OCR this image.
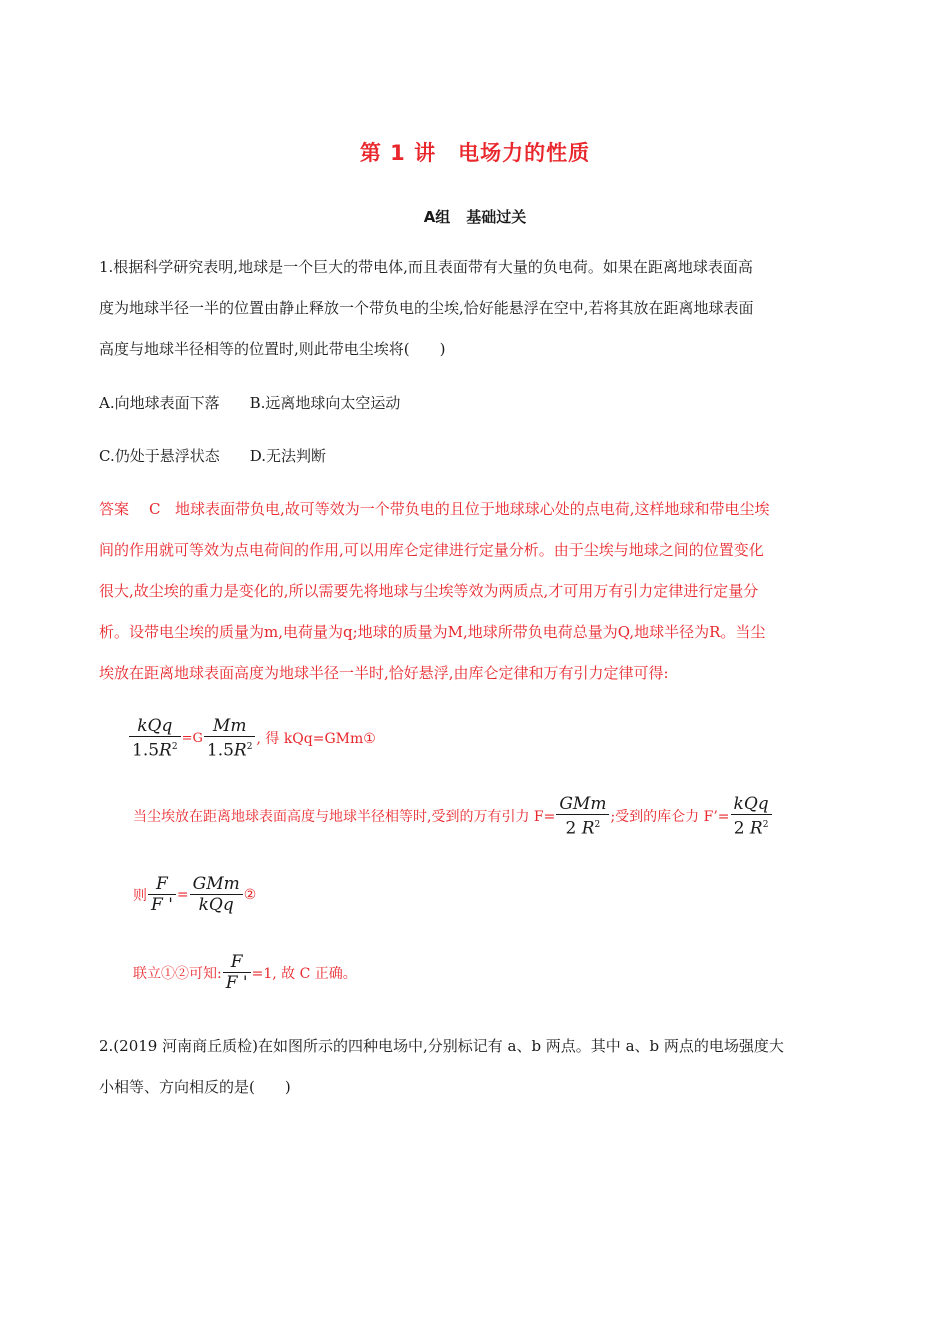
第 1 讲 电场力的性质
A组 基础过关
1.根据科学研究表明,地球是一个巨大的带电体,而且表面带有大量的负电荷。如果在距离地球表面高
度为地球半径一半的位置由静止释放一个带负电的尘埃,恰好能悬浮在空中,若将其放在距离地球表面
高度与地球半径相等的位置时,则此带电尘埃将(　　)
A.向地球表面下落 B.远离地球向太空运动
C.仍处于悬浮状态 D.无法判断
答案 C 地球表面带负电,故可等效为一个带负电的且位于地球球心处的点电荷,这样地球和带电尘埃
间的作用就可等效为点电荷间的作用,可以用库仑定律进行定量分析。由于尘埃与地球之间的位置变化
很大,故尘埃的重力是变化的,所以需要先将地球与尘埃等效为两质点,才可用万有引力定律进行定量分
析。设带电尘埃的质量为m,电荷量为q;地球的质量为M,地球所带负电荷总量为Q,地球半径为R。当尘
埃放在距离地球表面高度为地球半径一半时,恰好悬浮,由库仑定律和万有引力定律可得:
$\frac{\text{kQq}}{1.5R^2} =G \frac{Mm}{1.5R^2}$ , 得 kQq=GMm①
当尘埃放在距离地球表面高度与地球半径相等时,受到的万有引力 $F= \frac{\text{GMm}}{2 R^2}$ ;受到的库仑力 F’= $\frac{\text{kQq}}{2 R^2}$
则 $\frac{F}{F '} = \frac{\text{GMm}}{\text{kQq}}$ ②
联立①②可知: $\frac{F}{F '} =1$, 故 C 正确。
2.(2019 河南商丘质检)在如图所示的四种电场中,分别标记有 a、b 两点。其中 a、b 两点的电场强度大
小相等、方向相反的是(　　)
